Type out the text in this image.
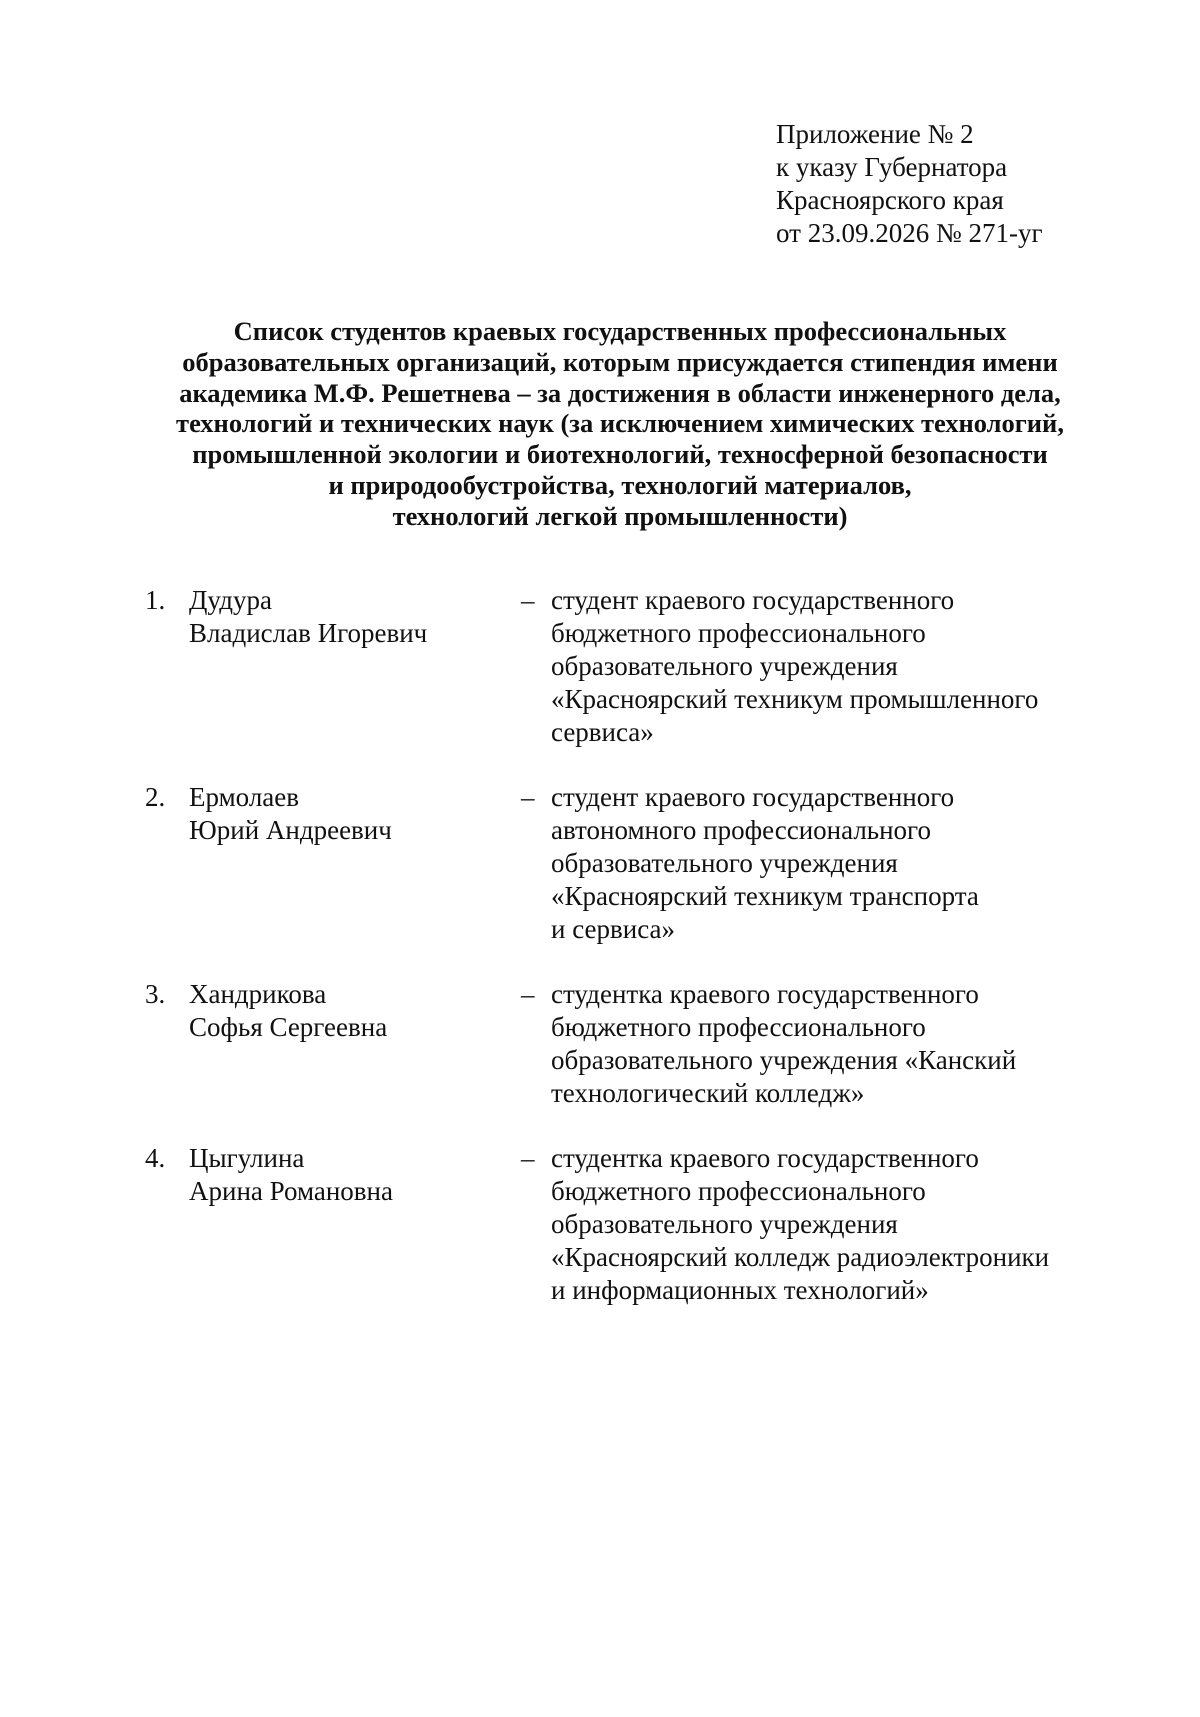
Приложение № 2
к указу Губернатора
Красноярского края
от 23.09.2026 № 271-уг
Список студентов краевых государственных профессиональных
образовательных организаций, которым присуждается стипендия имени
академика М.Ф. Решетнева – за достижения в области инженерного дела,
технологий и технических наук (за исключением химических технологий,
промышленной экологии и биотехнологий, техносферной безопасности
и природообустройства, технологий материалов,
технологий легкой промышленности)
1. Дудура
Владислав Игоревич
– студент краевого государственного
бюджетного профессионального
образовательного учреждения
«Красноярский техникум промышленного
сервиса»
2. Ермолаев
Юрий Андреевич
– студент краевого государственного
автономного профессионального
образовательного учреждения
«Красноярский техникум транспорта
и сервиса»
3. Хандрикова
Софья Сергеевна
– студентка краевого государственного
бюджетного профессионального
образовательного учреждения «Канский
технологический колледж»
4. Цыгулина
Арина Романовна
– студентка краевого государственного
бюджетного профессионального
образовательного учреждения
«Красноярский колледж радиоэлектроники
и информационных технологий»
